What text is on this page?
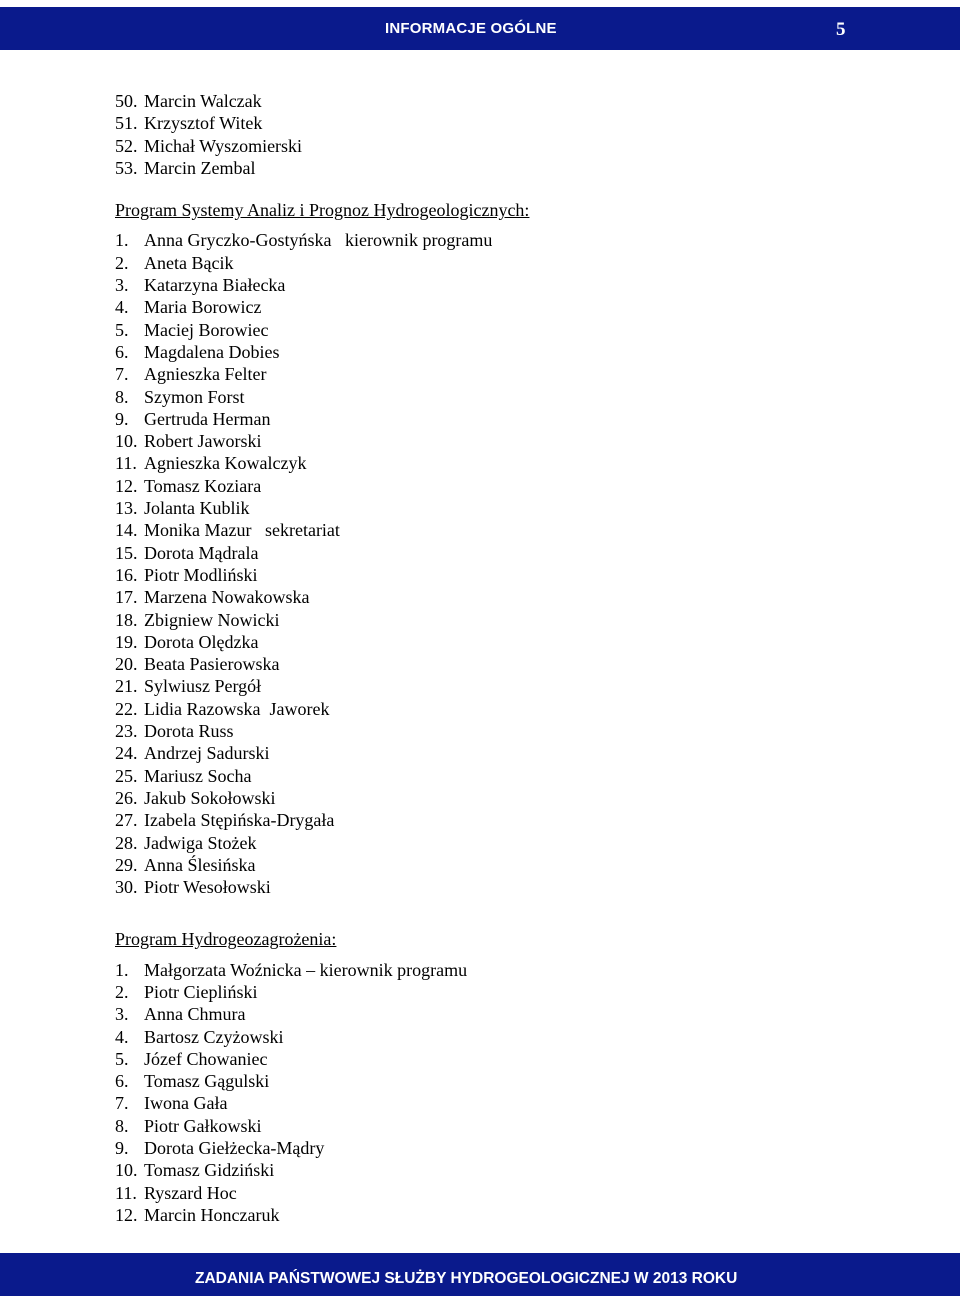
INFORMACJE OGÓLNE	5
50. Marcin Walczak
51. Krzysztof Witek
52. Michał Wyszomierski
53. Marcin Zembal
Program Systemy Analiz i Prognoz Hydrogeologicznych:
1. Anna Gryczko-Gostyńska   kierownik programu
2. Aneta Bącik
3. Katarzyna Białecka
4. Maria Borowicz
5. Maciej Borowiec
6. Magdalena Dobies
7. Agnieszka Felter
8. Szymon Forst
9. Gertruda Herman
10. Robert Jaworski
11. Agnieszka Kowalczyk
12. Tomasz Koziara
13. Jolanta Kublik
14. Monika Mazur   sekretariat
15. Dorota Mądrala
16. Piotr Modliński
17. Marzena Nowakowska
18. Zbigniew Nowicki
19. Dorota Olędzka
20. Beata Pasierowska
21. Sylwiusz Pergół
22. Lidia Razowska  Jaworek
23. Dorota Russ
24. Andrzej Sadurski
25. Mariusz Socha
26. Jakub Sokołowski
27. Izabela Stępińska-Drygała
28. Jadwiga Stożek
29. Anna Ślesińska
30. Piotr Wesołowski
Program Hydrogeozagrożenia:
1. Małgorzata Woźnicka – kierownik programu
2. Piotr Ciepliński
3. Anna Chmura
4. Bartosz Czyżowski
5. Józef Chowaniec
6. Tomasz Gągulski
7. Iwona Gała
8. Piotr Gałkowski
9. Dorota Giełżecka-Mądry
10. Tomasz Gidziński
11. Ryszard Hoc
12. Marcin Honczaruk
ZADANIA PAŃSTWOWEJ SŁUŻBY HYDROGEOLOGICZNEJ W 2013 ROKU
